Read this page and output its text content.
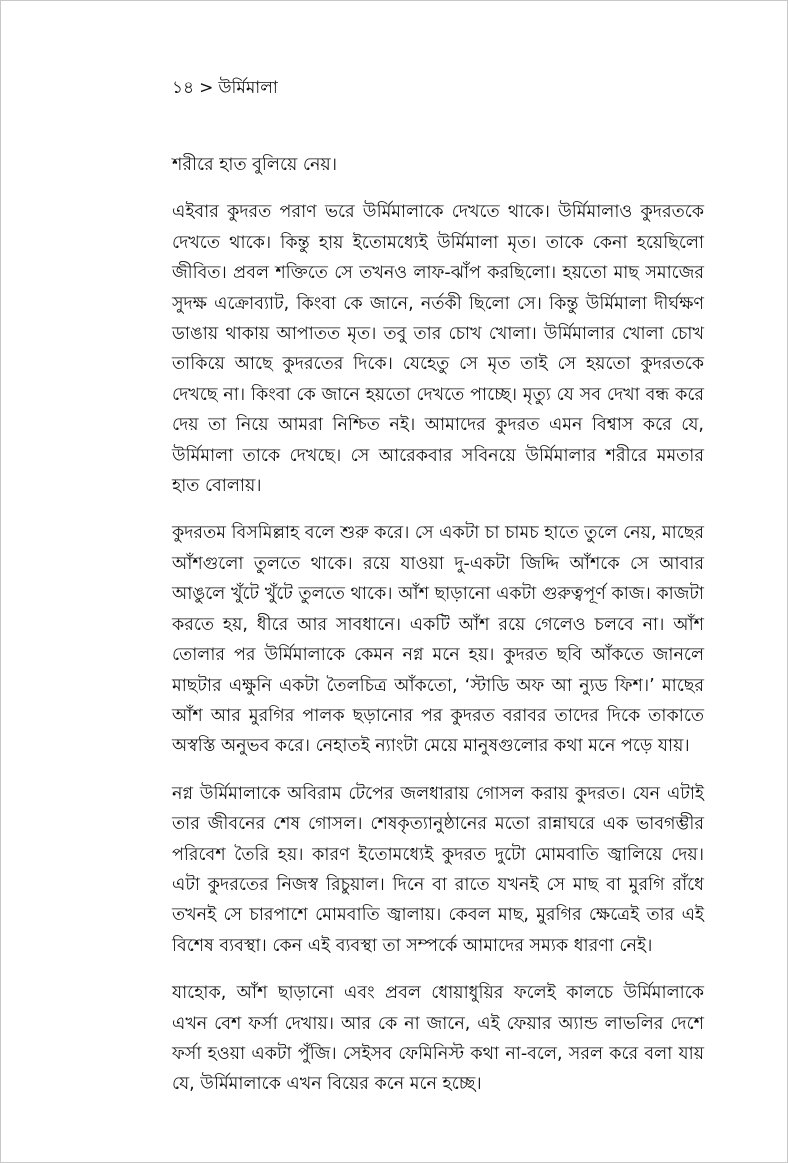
১৪ > উর্মিমালা

শরীরে হাত বুলিয়ে নেয়।

এইবার কুদরত পরাণ ভরে উর্মিমালাকে দেখতে থাকে। উর্মিমালাও কুদরতকে দেখতে থাকে। কিন্তু হায় ইতোমধ্যেই উর্মিমালা মৃত। তাকে কেনা হয়েছিলো জীবিত। প্রবল শক্তিতে সে তখনও লাফ-ঝাঁপ করছিলো। হয়তো মাছ সমাজের সুদক্ষ এক্রোব্যাট, কিংবা কে জানে, নর্তকী ছিলো সে। কিন্তু উর্মিমালা দীর্ঘক্ষণ ডাঙায় থাকায় আপাতত মৃত। তবু তার চোখ খোলা। উর্মিমালার খোলা চোখ তাকিয়ে আছে কুদরতের দিকে। যেহেতু সে মৃত তাই সে হয়তো কুদরতকে দেখছে না। কিংবা কে জানে হয়তো দেখতে পাচ্ছে। মৃত্যু যে সব দেখা বন্ধ করে দেয় তা নিয়ে আমরা নিশ্চিত নই। আমাদের কুদরত এমন বিশ্বাস করে যে, উর্মিমালা তাকে দেখছে। সে আরেকবার সবিনয়ে উর্মিমালার শরীরে মমতার হাত বোলায়।

কুদরতম বিসমিল্লাহ বলে শুরু করে। সে একটা চা চামচ হাতে তুলে নেয়, মাছের আঁশগুলো তুলতে থাকে। রয়ে যাওয়া দু-একটা জিদ্দি আঁশকে সে আবার আঙুলে খুঁটে খুঁটে তুলতে থাকে। আঁশ ছাড়ানো একটা গুরুত্বপূর্ণ কাজ। কাজটা করতে হয়, ধীরে আর সাবধানে। একটি আঁশ রয়ে গেলেও চলবে না। আঁশ তোলার পর উর্মিমালাকে কেমন নগ্ন মনে হয়। কুদরত ছবি আঁকতে জানলে মাছটার এক্ষুনি একটা তৈলচিত্র আঁকতো, ‘স্টাডি অফ আ ন্যুড ফিশ।’ মাছের আঁশ আর মুরগির পালক ছড়ানোর পর কুদরত বরাবর তাদের দিকে তাকাতে অস্বস্তি অনুভব করে। নেহাতই ন্যাংটা মেয়ে মানুষগুলোর কথা মনে পড়ে যায়।

নগ্ন উর্মিমালাকে অবিরাম টেপের জলধারায় গোসল করায় কুদরত। যেন এটাই তার জীবনের শেষ গোসল। শেষকৃত্যানুষ্ঠানের মতো রান্নাঘরে এক ভাবগম্ভীর পরিবেশ তৈরি হয়। কারণ ইতোমধ্যেই কুদরত দুটো মোমবাতি জ্বালিয়ে দেয়। এটা কুদরতের নিজস্ব রিচুয়াল। দিনে বা রাতে যখনই সে মাছ বা মুরগি রাঁধে তখনই সে চারপাশে মোমবাতি জ্বালায়। কেবল মাছ, মুরগির ক্ষেত্রেই তার এই বিশেষ ব্যবস্থা। কেন এই ব্যবস্থা তা সম্পর্কে আমাদের সম্যক ধারণা নেই।

যাহোক, আঁশ ছাড়ানো এবং প্রবল ধোয়াধুয়ির ফলেই কালচে উর্মিমালাকে এখন বেশ ফর্সা দেখায়। আর কে না জানে, এই ফেয়ার অ্যান্ড লাভলির দেশে ফর্সা হওয়া একটা পুঁজি। সেইসব ফেমিনিস্ট কথা না-বলে, সরল করে বলা যায় যে, উর্মিমালাকে এখন বিয়ের কনে মনে হচ্ছে।
